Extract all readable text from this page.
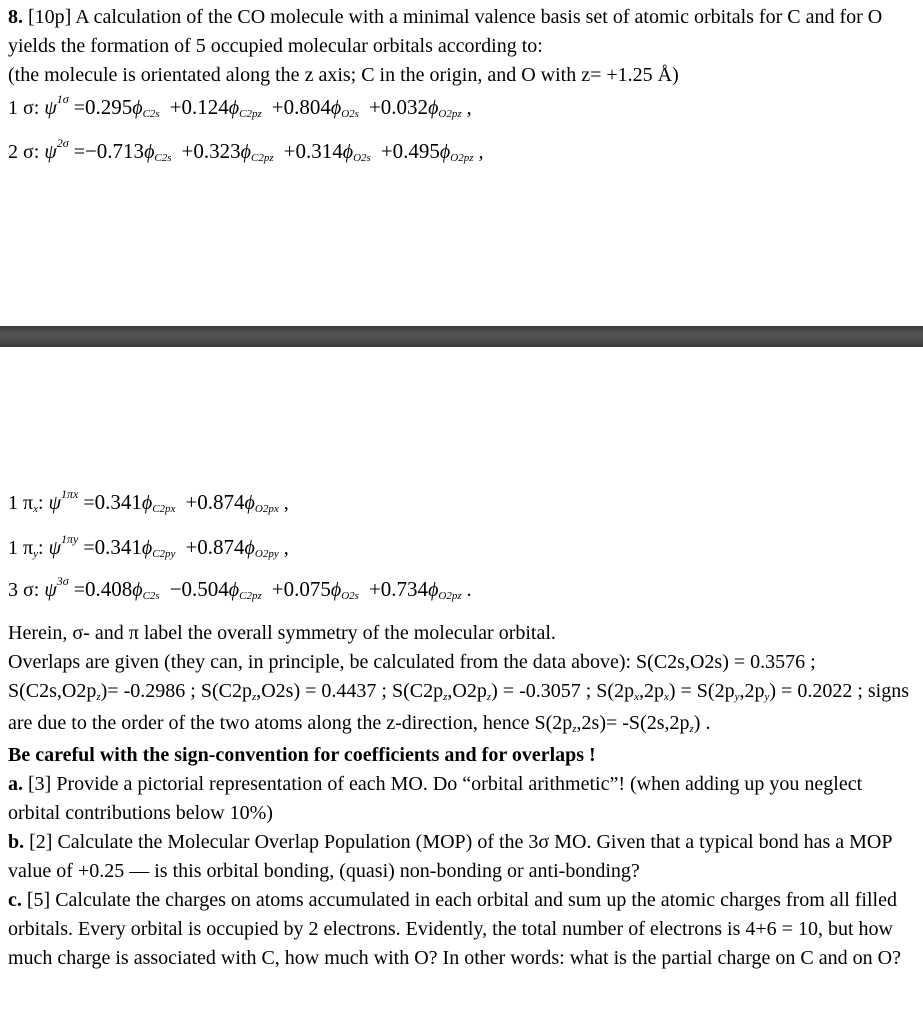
8. [10p] A calculation of the CO molecule with a minimal valence basis set of atomic orbitals for C and for O yields the formation of 5 occupied molecular orbitals according to:

(the molecule is orientated along the z axis; C in the origin, and O with z= +1.25 Å)

1 σ: $\psi^{1\sigma} =0.295\phi_{C2s} +0.124\phi_{C2pz} +0.804\phi_{O2s} +0.032\phi_{O2pz}$ ,
2 σ: $\psi^{2\sigma} =-0.713\phi_{C2s} +0.323\phi_{C2pz} +0.314\phi_{O2s} +0.495\phi_{O2pz}$ ,
1 $\pi_x$: $\psi^{1\pi x} =0.341\phi_{C2px} +0.874\phi_{O2px}$ ,
1 $\pi_y$: $\psi^{1\pi y} =0.341\phi_{C2py} +0.874\phi_{O2py}$ ,
3 σ: $\psi^{3\sigma} =0.408\phi_{C2s} -0.504\phi_{C2pz} +0.075\phi_{O2s} +0.734\phi_{O2pz}$ .

Herein, σ- and π label the overall symmetry of the molecular orbital.

Overlaps are given (they can, in principle, be calculated from the data above): S(C2s,O2s) = 0.3576 ; $S(C2s,O2p_z)= -0.2986$ ; $S(C2p_z,O2s) = 0.4437$ ; $S(C2p_z,O2p_z) = -0.3057$ ; $S(2p_x,2p_x) = S(2p_y,2p_y) = 0.2022$ ; signs are due to the order of the two atoms along the z-direction, hence $S(2p_z,2s)= -S(2s,2p_z)$ .

Be careful with the sign-convention for coefficients and for overlaps !

a. [3] Provide a pictorial representation of each MO. Do “orbital arithmetic”! (when adding up you neglect orbital contributions below 10%)

b. [2] Calculate the Molecular Overlap Population (MOP) of the 3σ MO. Given that a typical bond has a MOP value of +0.25 — is this orbital bonding, (quasi) non-bonding or anti-bonding?

c. [5] Calculate the charges on atoms accumulated in each orbital and sum up the atomic charges from all filled orbitals. Every orbital is occupied by 2 electrons. Evidently, the total number of electrons is 4+6 = 10, but how much charge is associated with C, how much with O? In other words: what is the partial charge on C and on O?
